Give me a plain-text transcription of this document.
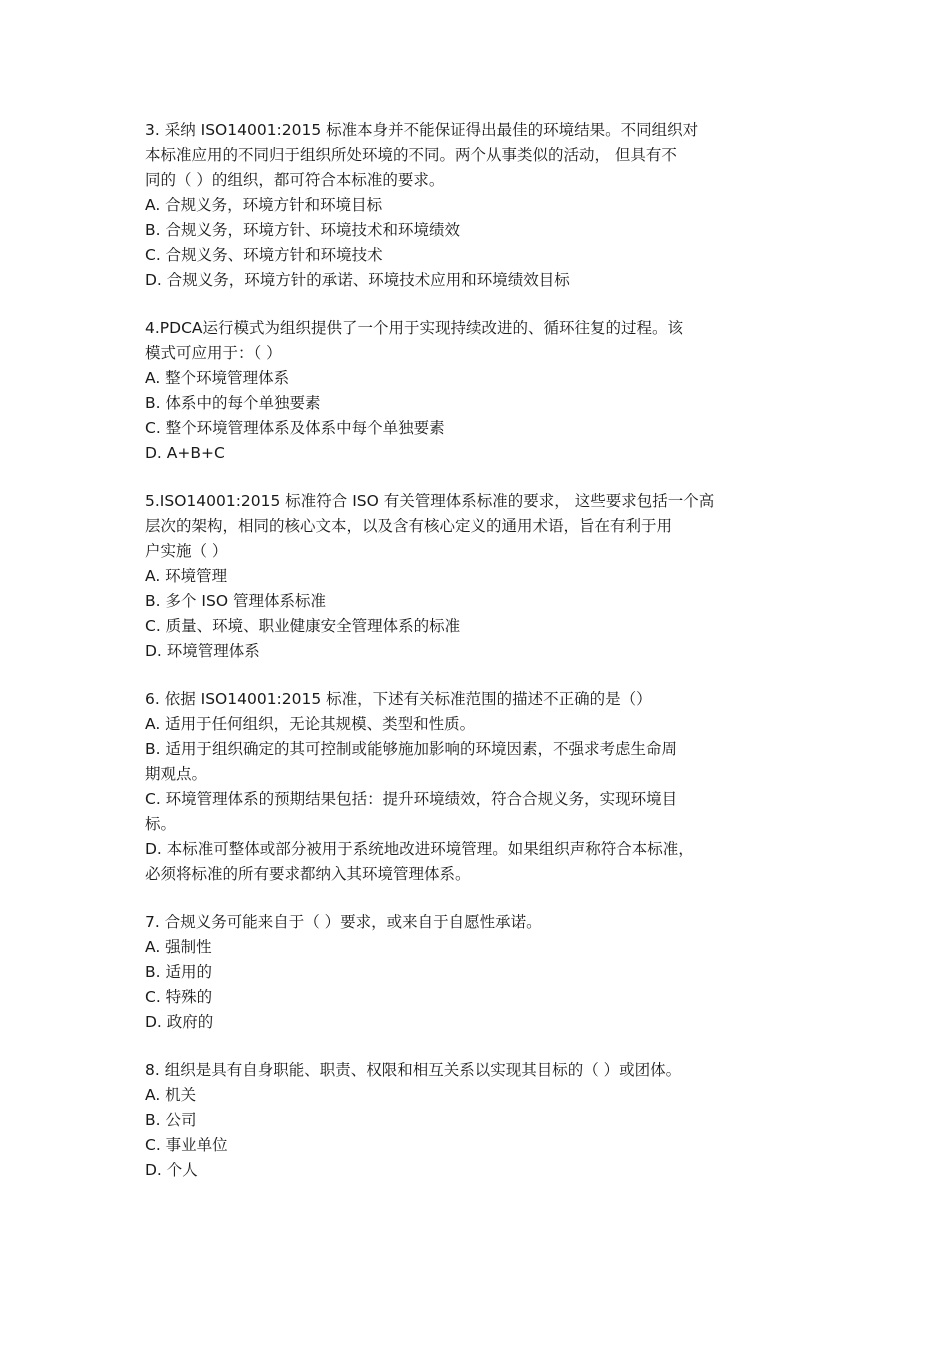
3. 采纳 ISO14001:2015 标准本身并不能保证得出最佳的环境结果。不同组织对
本标准应用的不同归于组织所处环境的不同。两个从事类似的活动， 但具有不
同的（ ）的组织，都可符合本标准的要求。
A. 合规义务，环境方针和环境目标
B. 合规义务，环境方针、环境技术和环境绩效
C. 合规义务、环境方针和环境技术
D. 合规义务，环境方针的承诺、环境技术应用和环境绩效目标
4.PDCA运行模式为组织提供了一个用于实现持续改进的、循环往复的过程。该
模式可应用于：（ ）
A. 整个环境管理体系
B. 体系中的每个单独要素
C. 整个环境管理体系及体系中每个单独要素
D. A+B+C
5.ISO14001:2015 标准符合 ISO 有关管理体系标准的要求， 这些要求包括一个高
层次的架构，相同的核心文本，以及含有核心定义的通用术语，旨在有利于用
户实施（ ）
A. 环境管理
B. 多个 ISO 管理体系标准
C. 质量、环境、职业健康安全管理体系的标准
D. 环境管理体系
6. 依据 ISO14001:2015 标准，下述有关标准范围的描述不正确的是（）
A. 适用于任何组织，无论其规模、类型和性质。
B. 适用于组织确定的其可控制或能够施加影响的环境因素，不强求考虑生命周
期观点。
C. 环境管理体系的预期结果包括：提升环境绩效，符合合规义务，实现环境目
标。
D. 本标准可整体或部分被用于系统地改进环境管理。如果组织声称符合本标准，
必须将标准的所有要求都纳入其环境管理体系。
7. 合规义务可能来自于（ ）要求，或来自于自愿性承诺。
A. 强制性
B. 适用的
C. 特殊的
D. 政府的
8. 组织是具有自身职能、职责、权限和相互关系以实现其目标的（ ）或团体。
A. 机关
B. 公司
C. 事业单位
D. 个人
